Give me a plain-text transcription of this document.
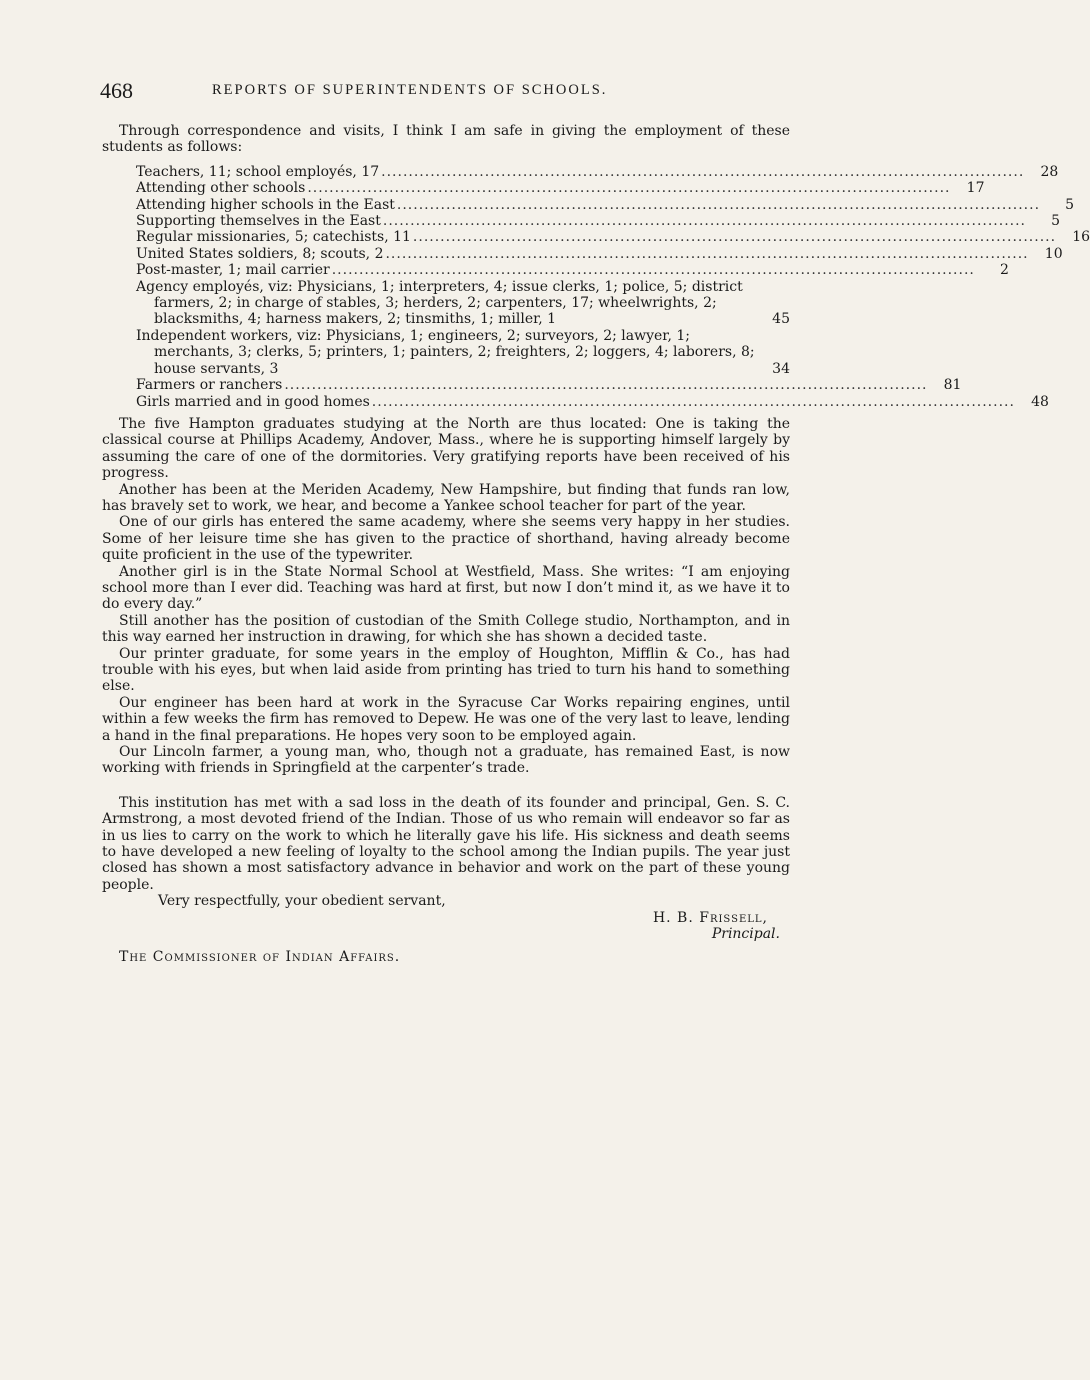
468	REPORTS OF SUPERINTENDENTS OF SCHOOLS.

Through correspondence and visits, I think I am safe in giving the employment of these students as follows:

Teachers, 11; school employés, 17 ......................................................................................................................	28
Attending other schools ......................................................................................................................	17
Attending higher schools in the East ......................................................................................................................	5
Supporting themselves in the East ......................................................................................................................	5
Regular missionaries, 5; catechists, 11 ......................................................................................................................	16
United States soldiers, 8; scouts, 2 ......................................................................................................................	10
Post-master, 1; mail carrier ......................................................................................................................	2
Agency employés, viz: Physicians, 1; interpreters, 4; issue clerks, 1; police, 5; district farmers, 2; in charge of stables, 3; herders, 2; carpenters, 17; wheelwrights, 2; blacksmiths, 4; harness makers, 2; tinsmiths, 1; miller, 1	45
Independent workers, viz: Physicians, 1; engineers, 2; surveyors, 2; lawyer, 1; merchants, 3; clerks, 5; printers, 1; painters, 2; freighters, 2; loggers, 4; laborers, 8; house servants, 3	34
Farmers or ranchers ......................................................................................................................	81
Girls married and in good homes ......................................................................................................................	48

The five Hampton graduates studying at the North are thus located: One is taking the classical course at Phillips Academy, Andover, Mass., where he is supporting himself largely by assuming the care of one of the dormitories. Very gratifying reports have been received of his progress.

Another has been at the Meriden Academy, New Hampshire, but finding that funds ran low, has bravely set to work, we hear, and become a Yankee school teacher for part of the year.

One of our girls has entered the same academy, where she seems very happy in her studies. Some of her leisure time she has given to the practice of shorthand, having already become quite proficient in the use of the typewriter.

Another girl is in the State Normal School at Westfield, Mass. She writes: “I am enjoying school more than I ever did. Teaching was hard at first, but now I don’t mind it, as we have it to do every day.”

Still another has the position of custodian of the Smith College studio, Northampton, and in this way earned her instruction in drawing, for which she has shown a decided taste.

Our printer graduate, for some years in the employ of Houghton, Mifflin & Co., has had trouble with his eyes, but when laid aside from printing has tried to turn his hand to something else.

Our engineer has been hard at work in the Syracuse Car Works repairing engines, until within a few weeks the firm has removed to Depew. He was one of the very last to leave, lending a hand in the final preparations. He hopes very soon to be employed again.

Our Lincoln farmer, a young man, who, though not a graduate, has remained East, is now working with friends in Springfield at the carpenter’s trade.

This institution has met with a sad loss in the death of its founder and principal, Gen. S. C. Armstrong, a most devoted friend of the Indian. Those of us who remain will endeavor so far as in us lies to carry on the work to which he literally gave his life. His sickness and death seems to have developed a new feeling of loyalty to the school among the Indian pupils. The year just closed has shown a most satisfactory advance in behavior and work on the part of these young people.

Very respectfully, your obedient servant,

H. B. Frissell,
Principal.

The Commissioner of Indian Affairs.
